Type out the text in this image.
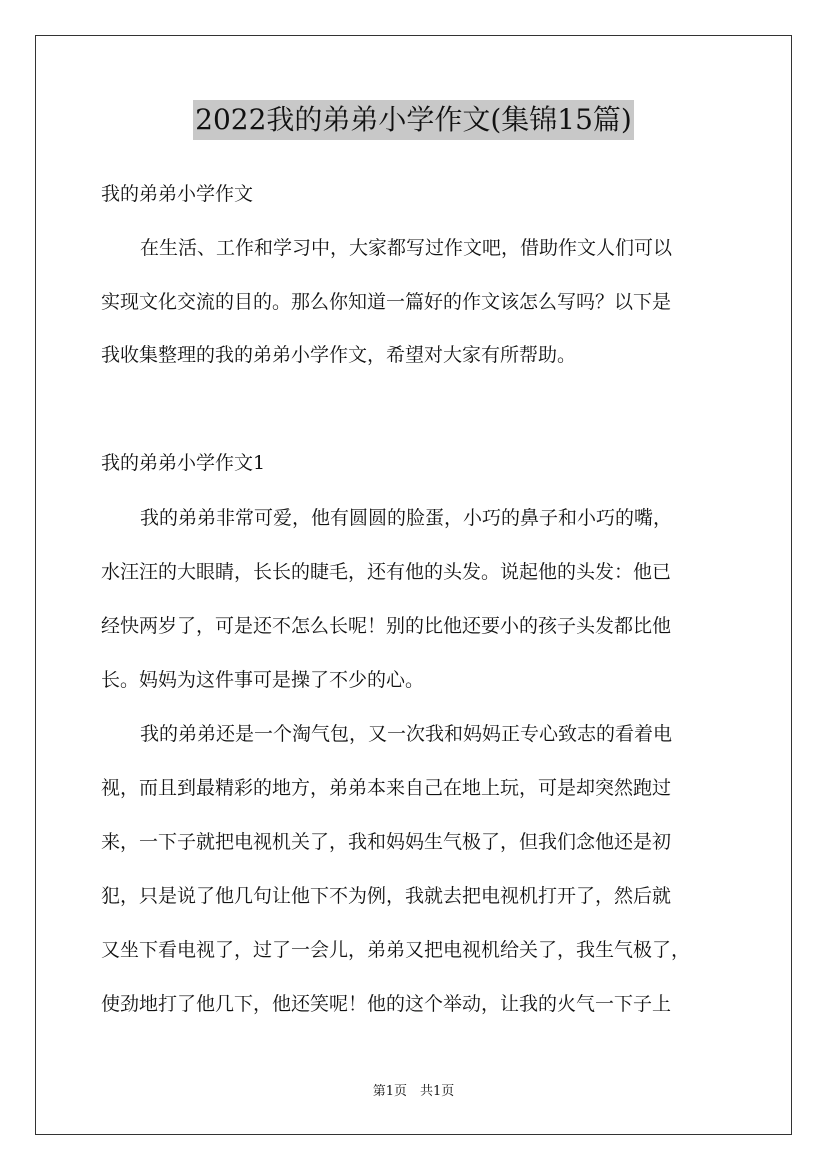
2022我的弟弟小学作文(集锦15篇)
我的弟弟小学作文
在生活、工作和学习中，大家都写过作文吧，借助作文人们可以
实现文化交流的目的。那么你知道一篇好的作文该怎么写吗？以下是
我收集整理的我的弟弟小学作文，希望对大家有所帮助。
我的弟弟小学作文1
我的弟弟非常可爱，他有圆圆的脸蛋，小巧的鼻子和小巧的嘴，
水汪汪的大眼睛，长长的睫毛，还有他的头发。说起他的头发：他已
经快两岁了，可是还不怎么长呢！别的比他还要小的孩子头发都比他
长。妈妈为这件事可是操了不少的心。
我的弟弟还是一个淘气包，又一次我和妈妈正专心致志的看着电
视，而且到最精彩的地方，弟弟本来自己在地上玩，可是却突然跑过
来，一下子就把电视机关了，我和妈妈生气极了，但我们念他还是初
犯，只是说了他几句让他下不为例，我就去把电视机打开了，然后就
又坐下看电视了，过了一会儿，弟弟又把电视机给关了，我生气极了，
使劲地打了他几下，他还笑呢！他的这个举动，让我的火气一下子上
第1页　共1页
